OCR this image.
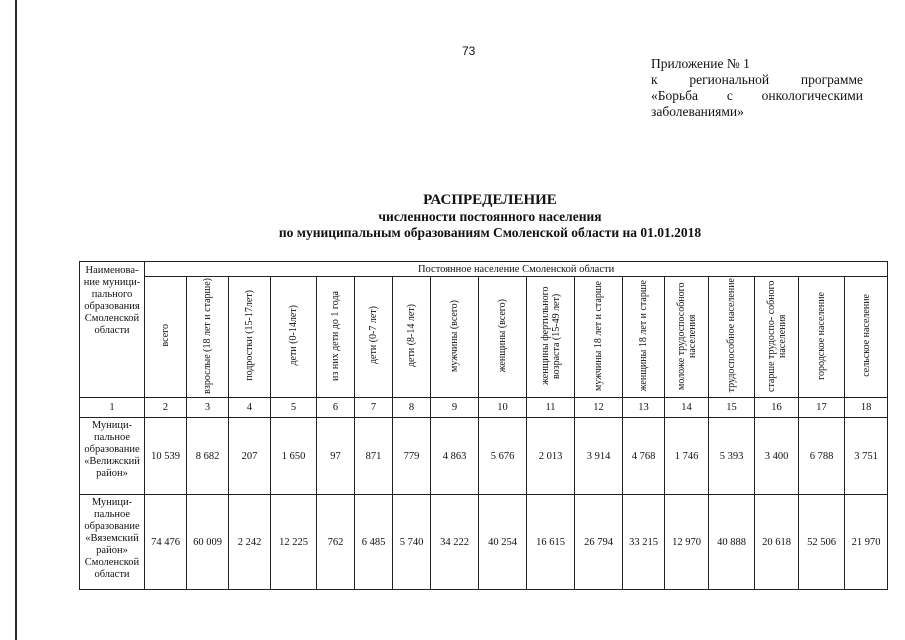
73
Приложение № 1
к региональной программе
«Борьба с онкологическими
заболеваниями»
РАСПРЕДЕЛЕНИЕ
численности постоянного населения
по муниципальным образованиям Смоленской области на 01.01.2018
Наименова- ние муници- пального образования Смоленской области	Постоянное население Смоленской области																
	всего	взрослые (18 лет и старше)	подростки (15-17лет)	дети (0-14лет)	из них дети до 1 года	дети (0-7 лет)	дети (8-14 лет)	мужчины (всего)	женщины (всего)	женщины фертильного возраста (15-49 лет)	мужчины 18 лет и старше	женщины 18 лет и старше	моложе трудоспособного населения	трудоспособное население	старше трудоспо- собного населения	городское население	сельское население
1	2	3	4	5	6	7	8	9	10	11	12	13	14	15	16	17	18
Муници- пальное образование «Велижский район»	10 539	8 682	207	1 650	97	871	779	4 863	5 676	2 013	3 914	4 768	1 746	5 393	3 400	6 788	3 751
Муници- пальное образование «Вяземский район» Смоленской области	74 476	60 009	2 242	12 225	762	6 485	5 740	34 222	40 254	16 615	26 794	33 215	12 970	40 888	20 618	52 506	21 970
